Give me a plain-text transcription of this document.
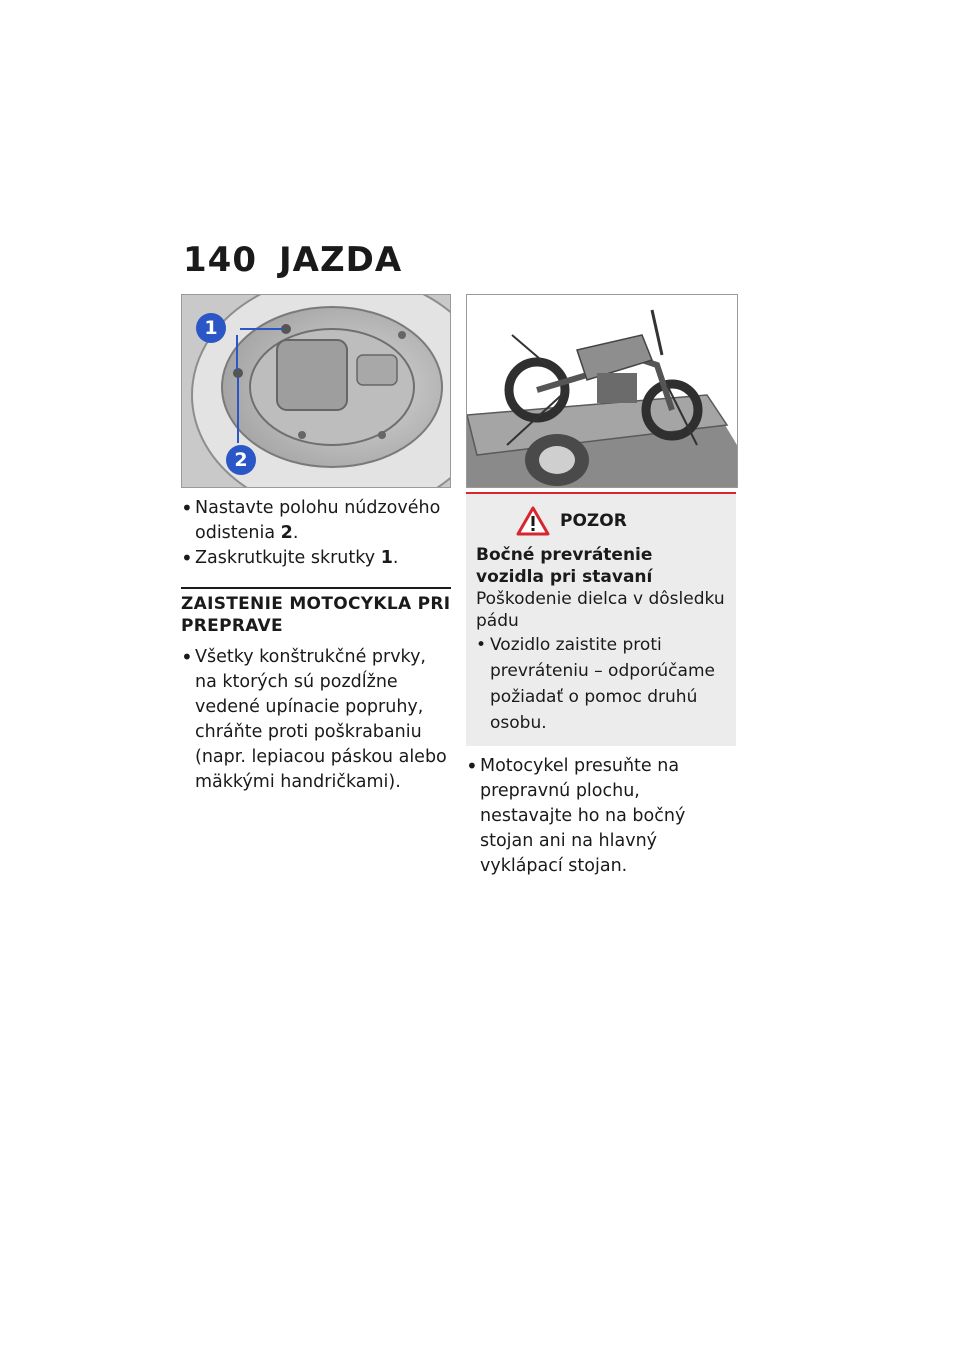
140 JAZDA
1
2
• Nastavte polohu núdzového odistenia 2.
• Zaskrutkujte skrutky 1.
ZAISTENIE MOTOCYKLA PRI PREPRAVE
• Všetky konštrukčné prvky, na ktorých sú pozdĺžne vedené upínacie popruhy, chráňte proti poškrabaniu (napr. lepiacou páskou alebo mäkkými handričkami).
POZOR
Bočné prevrátenie vozidla pri stavaní
Poškodenie dielca v dôsledku pádu
• Vozidlo zaistite proti prevráteniu – odporúčame požiadať o pomoc druhú osobu.
• Motocykel presuňte na prepravnú plochu, nestavajte ho na bočný stojan ani na hlavný vyklápací stojan.
